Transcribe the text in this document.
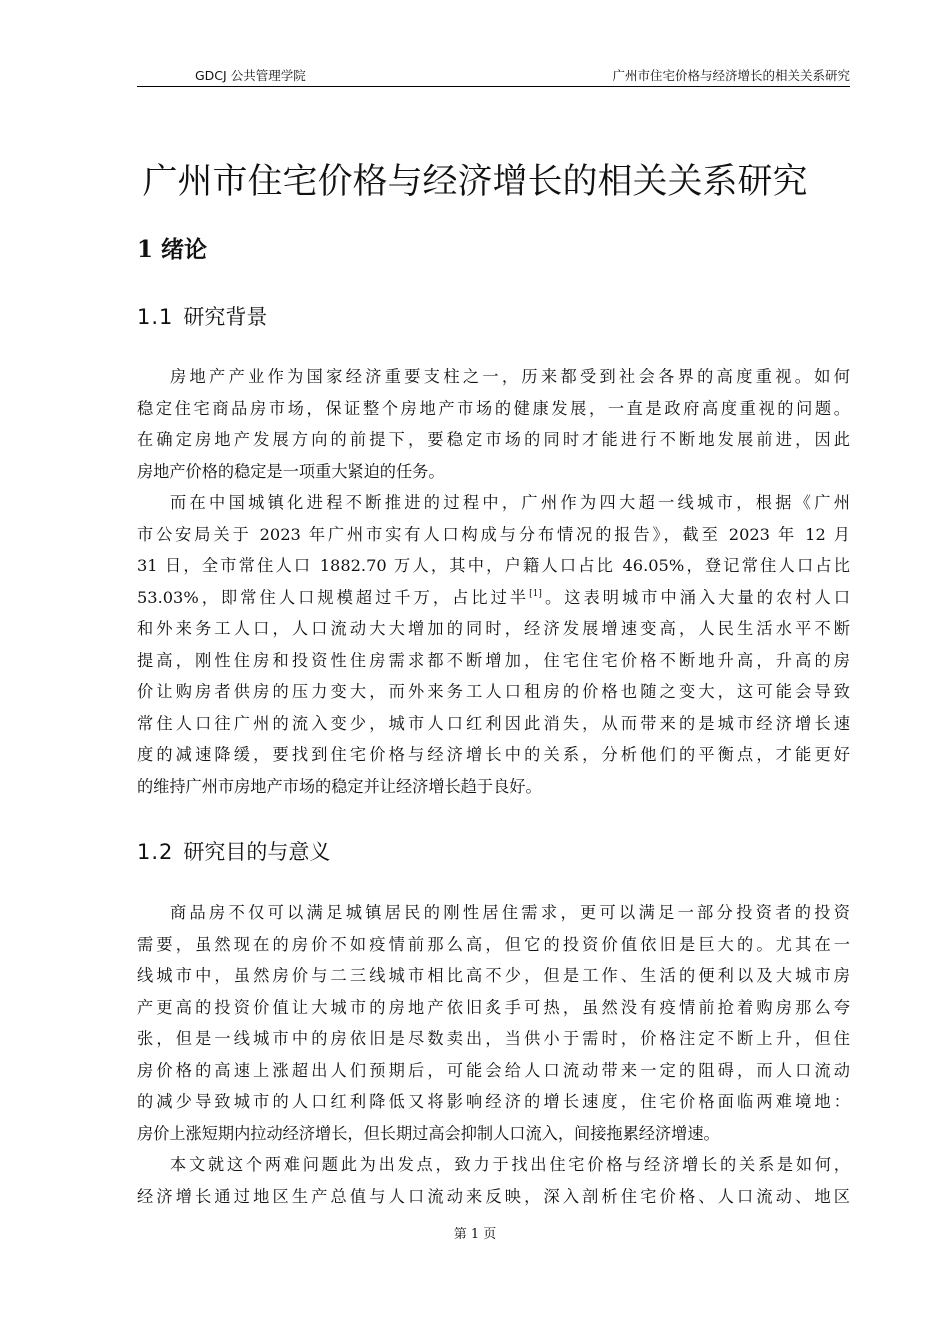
GDCJ 公共管理学院	广州市住宅价格与经济增长的相关关系研究
广州市住宅价格与经济增长的相关关系研究
1 绪论
1.1 研究背景
房地产产业作为国家经济重要支柱之一，历来都受到社会各界的高度重视。如何
稳定住宅商品房市场，保证整个房地产市场的健康发展，一直是政府高度重视的问题。
在确定房地产发展方向的前提下，要稳定市场的同时才能进行不断地发展前进，因此
房地产价格的稳定是一项重大紧迫的任务。
而在中国城镇化进程不断推进的过程中，广州作为四大超一线城市，根据《广州
市公安局关于 2023 年广州市实有人口构成与分布情况的报告》，截至 2023 年 12 月
31 日，全市常住人口 1882.70 万人，其中，户籍人口占比 46.05%，登记常住人口占比
53.03%，即常住人口规模超过千万，占比过半[1]。这表明城市中涌入大量的农村人口
和外来务工人口，人口流动大大增加的同时，经济发展增速变高，人民生活水平不断
提高，刚性住房和投资性住房需求都不断增加，住宅住宅价格不断地升高，升高的房
价让购房者供房的压力变大，而外来务工人口租房的价格也随之变大，这可能会导致
常住人口往广州的流入变少，城市人口红利因此消失，从而带来的是城市经济增长速
度的减速降缓，要找到住宅价格与经济增长中的关系，分析他们的平衡点，才能更好
的维持广州市房地产市场的稳定并让经济增长趋于良好。
1.2 研究目的与意义
商品房不仅可以满足城镇居民的刚性居住需求，更可以满足一部分投资者的投资
需要，虽然现在的房价不如疫情前那么高，但它的投资价值依旧是巨大的。尤其在一
线城市中，虽然房价与二三线城市相比高不少，但是工作、生活的便利以及大城市房
产更高的投资价值让大城市的房地产依旧炙手可热，虽然没有疫情前抢着购房那么夸
张，但是一线城市中的房依旧是尽数卖出，当供小于需时，价格注定不断上升，但住
房价格的高速上涨超出人们预期后，可能会给人口流动带来一定的阻碍，而人口流动
的减少导致城市的人口红利降低又将影响经济的增长速度，住宅价格面临两难境地：
房价上涨短期内拉动经济增长，但长期过高会抑制人口流入，间接拖累经济增速。
本文就这个两难问题此为出发点，致力于找出住宅价格与经济增长的关系是如何，
经济增长通过地区生产总值与人口流动来反映，深入剖析住宅价格、人口流动、地区
第 1 页
